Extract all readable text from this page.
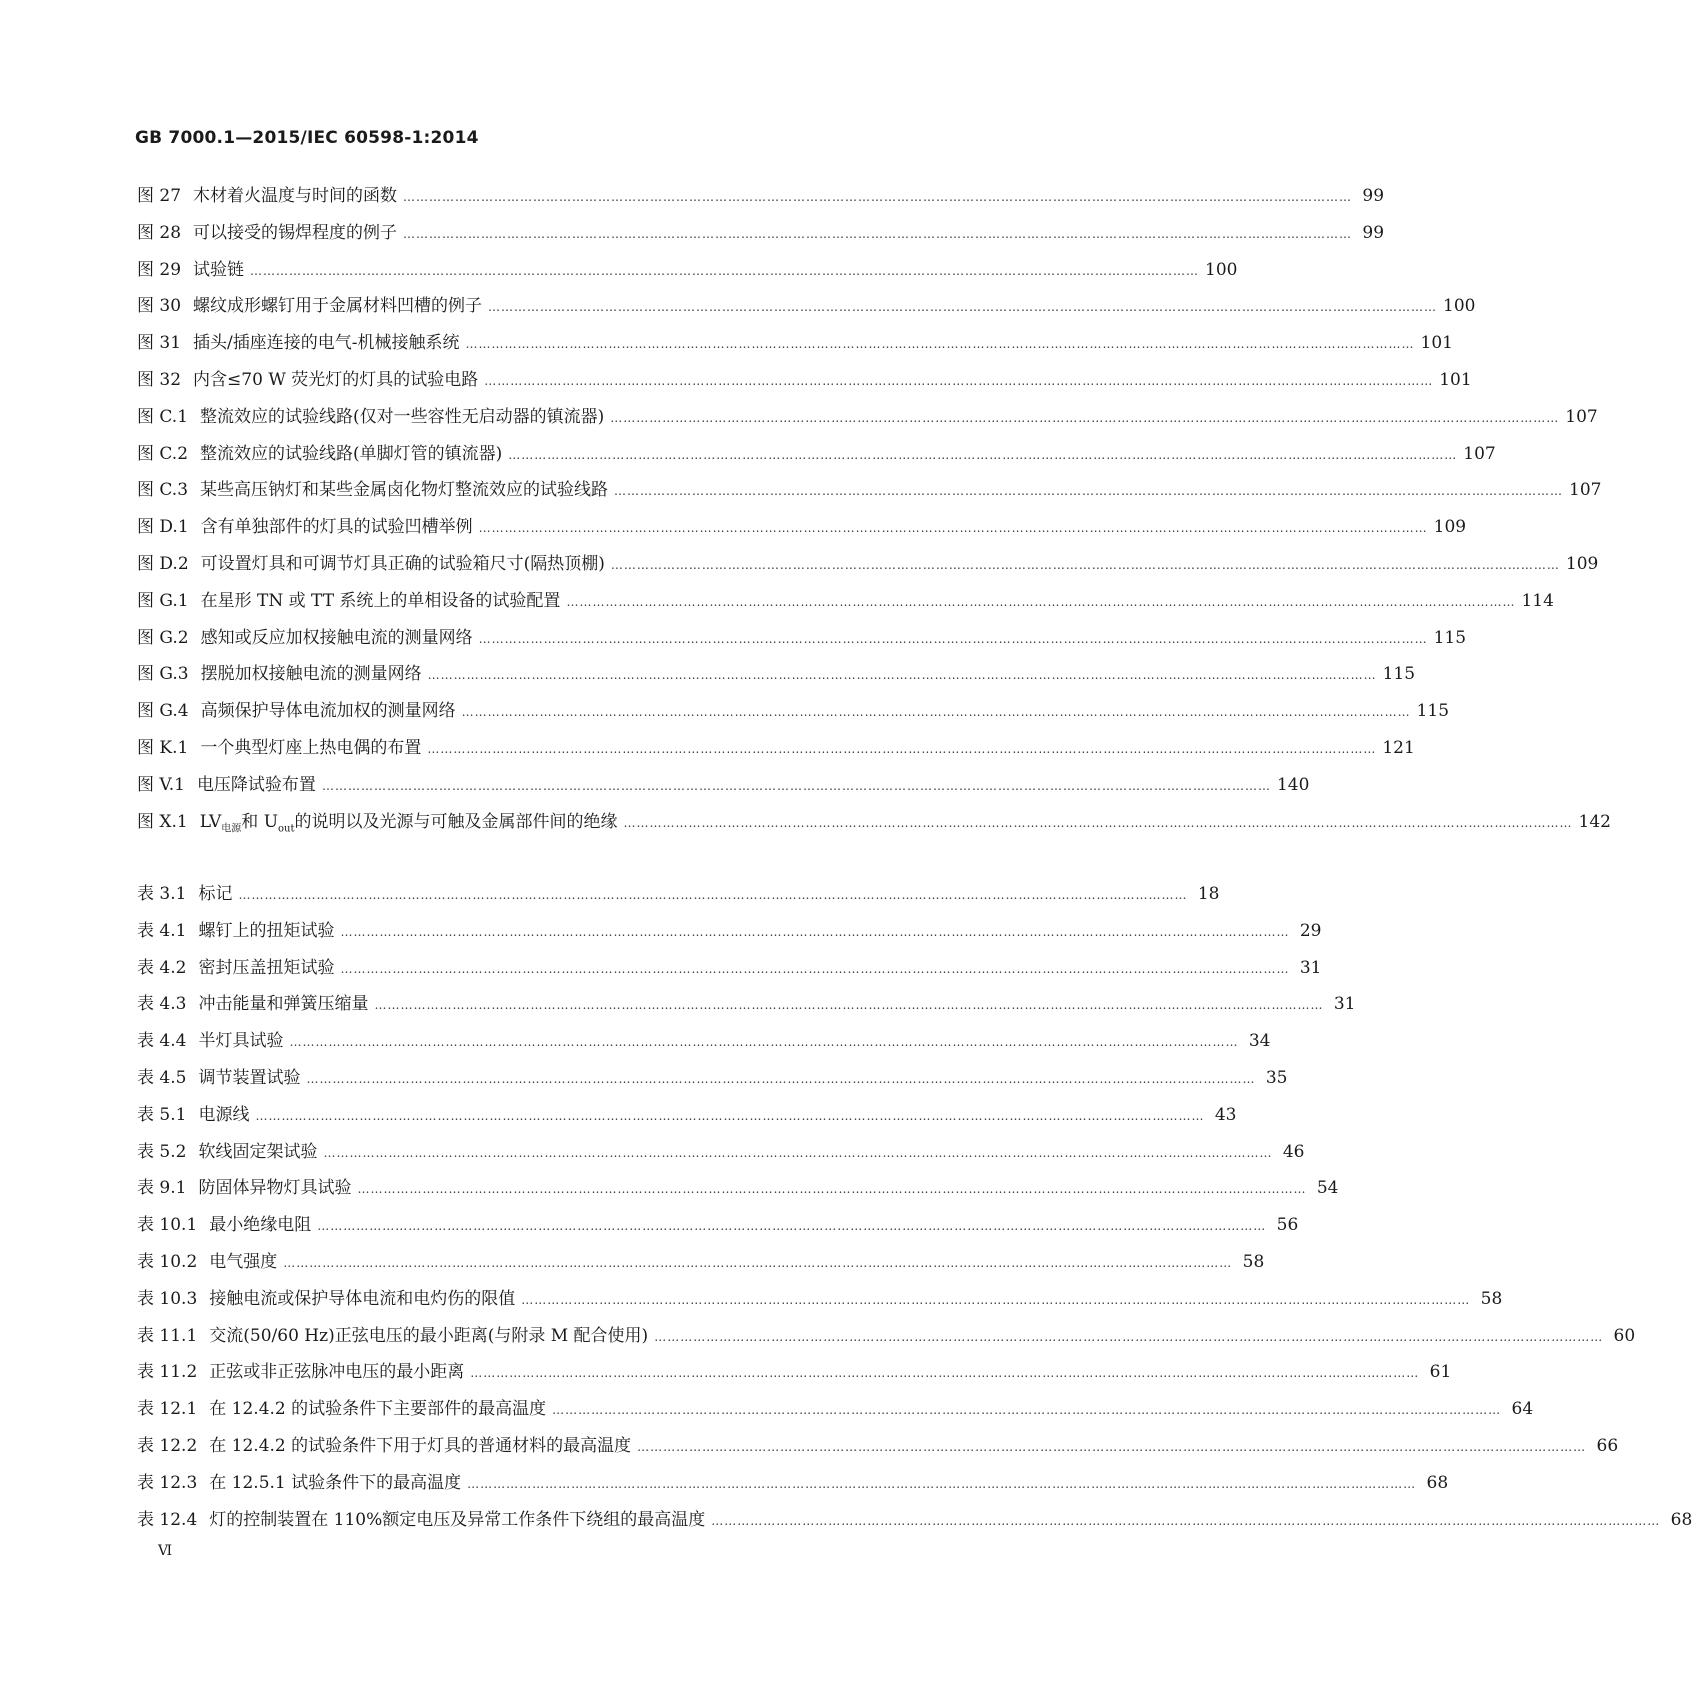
GB 7000.1—2015/IEC 60598-1:2014
图 27 木材着火温度与时间的函数 …………………………………………………………………………………………………………………………………………………………………………………………………	99
图 28 可以接受的锡焊程度的例子 …………………………………………………………………………………………………………………………………………………………………………………………………	99
图 29 试验链 …………………………………………………………………………………………………………………………………………………………………………………………………	100
图 30 螺纹成形螺钉用于金属材料凹槽的例子 …………………………………………………………………………………………………………………………………………………………………………………………………	100
图 31 插头/插座连接的电气-机械接触系统 …………………………………………………………………………………………………………………………………………………………………………………………………	101
图 32 内含≤70 W 荧光灯的灯具的试验电路 …………………………………………………………………………………………………………………………………………………………………………………………………	101
图 C.1 整流效应的试验线路(仅对一些容性无启动器的镇流器) …………………………………………………………………………………………………………………………………………………………………………………………………	107
图 C.2 整流效应的试验线路(单脚灯管的镇流器) …………………………………………………………………………………………………………………………………………………………………………………………………	107
图 C.3 某些高压钠灯和某些金属卤化物灯整流效应的试验线路 …………………………………………………………………………………………………………………………………………………………………………………………………	107
图 D.1 含有单独部件的灯具的试验凹槽举例 …………………………………………………………………………………………………………………………………………………………………………………………………	109
图 D.2 可设置灯具和可调节灯具正确的试验箱尺寸(隔热顶棚) …………………………………………………………………………………………………………………………………………………………………………………………………	109
图 G.1 在星形 TN 或 TT 系统上的单相设备的试验配置 …………………………………………………………………………………………………………………………………………………………………………………………………	114
图 G.2 感知或反应加权接触电流的测量网络 …………………………………………………………………………………………………………………………………………………………………………………………………	115
图 G.3 摆脱加权接触电流的测量网络 …………………………………………………………………………………………………………………………………………………………………………………………………	115
图 G.4 高频保护导体电流加权的测量网络 …………………………………………………………………………………………………………………………………………………………………………………………………	115
图 K.1 一个典型灯座上热电偶的布置 …………………………………………………………………………………………………………………………………………………………………………………………………	121
图 V.1 电压降试验布置 …………………………………………………………………………………………………………………………………………………………………………………………………	140
图 X.1 $LV_{电源}$和 $U_{out}$的说明以及光源与可触及金属部件间的绝缘 …………………………………………………………………………………………………………………………………………………………………………………………………	142
表 3.1 标记 …………………………………………………………………………………………………………………………………………………………………………………………………	18
表 4.1 螺钉上的扭矩试验 …………………………………………………………………………………………………………………………………………………………………………………………………	29
表 4.2 密封压盖扭矩试验 …………………………………………………………………………………………………………………………………………………………………………………………………	31
表 4.3 冲击能量和弹簧压缩量 …………………………………………………………………………………………………………………………………………………………………………………………………	31
表 4.4 半灯具试验 …………………………………………………………………………………………………………………………………………………………………………………………………	34
表 4.5 调节装置试验 …………………………………………………………………………………………………………………………………………………………………………………………………	35
表 5.1 电源线 …………………………………………………………………………………………………………………………………………………………………………………………………	43
表 5.2 软线固定架试验 …………………………………………………………………………………………………………………………………………………………………………………………………	46
表 9.1 防固体异物灯具试验 …………………………………………………………………………………………………………………………………………………………………………………………………	54
表 10.1 最小绝缘电阻 …………………………………………………………………………………………………………………………………………………………………………………………………	56
表 10.2 电气强度 …………………………………………………………………………………………………………………………………………………………………………………………………	58
表 10.3 接触电流或保护导体电流和电灼伤的限值 …………………………………………………………………………………………………………………………………………………………………………………………………	58
表 11.1 交流(50/60 Hz)正弦电压的最小距离(与附录 M 配合使用) …………………………………………………………………………………………………………………………………………………………………………………………………	60
表 11.2 正弦或非正弦脉冲电压的最小距离 …………………………………………………………………………………………………………………………………………………………………………………………………	61
表 12.1 在 12.4.2 的试验条件下主要部件的最高温度 …………………………………………………………………………………………………………………………………………………………………………………………………	64
表 12.2 在 12.4.2 的试验条件下用于灯具的普通材料的最高温度 …………………………………………………………………………………………………………………………………………………………………………………………………	66
表 12.3 在 12.5.1 试验条件下的最高温度 …………………………………………………………………………………………………………………………………………………………………………………………………	68
表 12.4 灯的控制装置在 110%额定电压及异常工作条件下绕组的最高温度 …………………………………………………………………………………………………………………………………………………………………………………………………	68
Ⅵ
